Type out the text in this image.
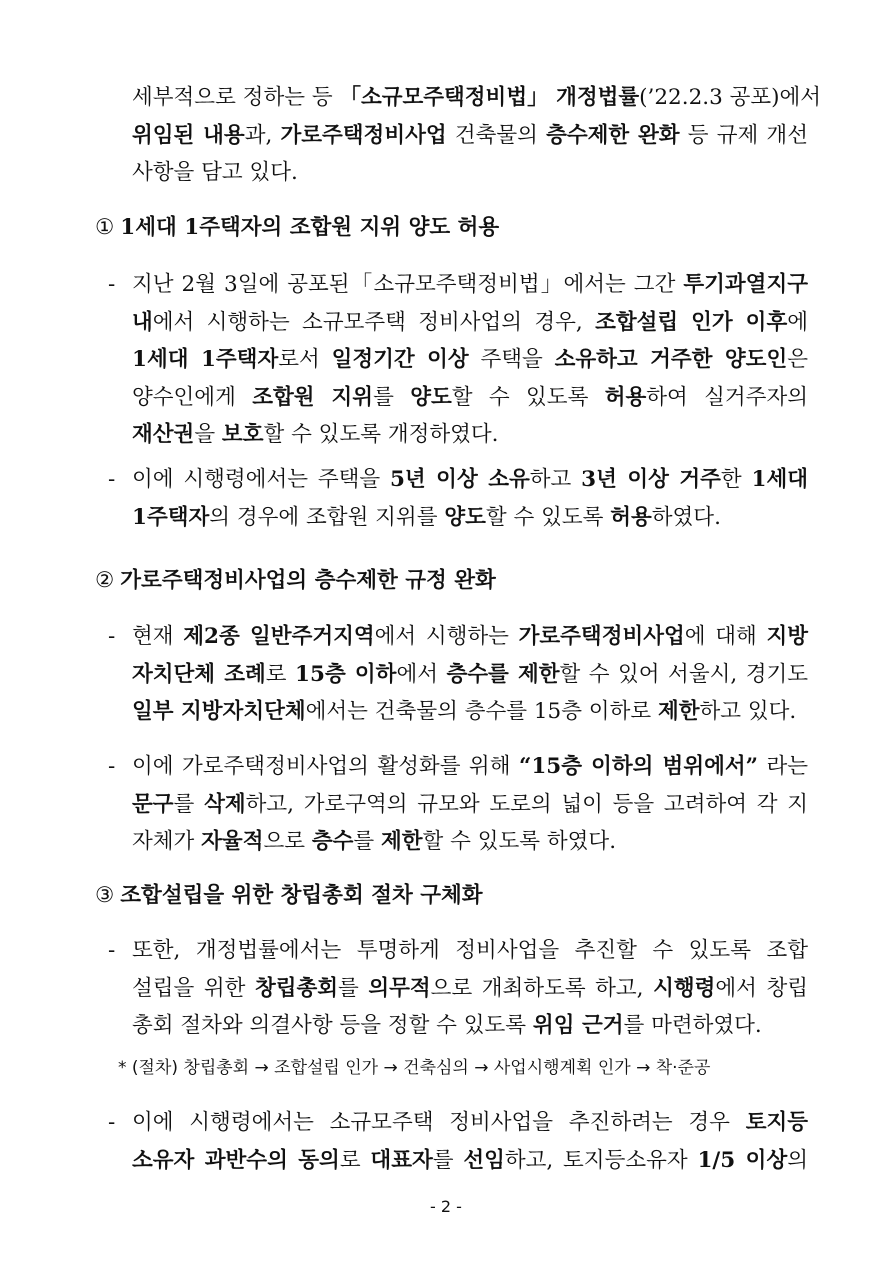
세부적으로 정하는 등 「소규모주택정비법」 개정법률(’22.2.3 공포)에서
위임된 내용과, 가로주택정비사업 건축물의 층수제한 완화 등 규제 개선
사항을 담고 있다.
① 1세대 1주택자의 조합원 지위 양도 허용
- 지난 2월 3일에 공포된「소규모주택정비법」에서는 그간 투기과열지구
내에서 시행하는 소규모주택 정비사업의 경우, 조합설립 인가 이후에
1세대 1주택자로서 일정기간 이상 주택을 소유하고 거주한 양도인은
양수인에게 조합원 지위를 양도할 수 있도록 허용하여 실거주자의
재산권을 보호할 수 있도록 개정하였다.
- 이에 시행령에서는 주택을 5년 이상 소유하고 3년 이상 거주한 1세대
1주택자의 경우에 조합원 지위를 양도할 수 있도록 허용하였다.
② 가로주택정비사업의 층수제한 규정 완화
- 현재 제2종 일반주거지역에서 시행하는 가로주택정비사업에 대해 지방
자치단체 조례로 15층 이하에서 층수를 제한할 수 있어 서울시, 경기도
일부 지방자치단체에서는 건축물의 층수를 15층 이하로 제한하고 있다.
- 이에 가로주택정비사업의 활성화를 위해 “15층 이하의 범위에서” 라는
문구를 삭제하고, 가로구역의 규모와 도로의 넓이 등을 고려하여 각 지
자체가 자율적으로 층수를 제한할 수 있도록 하였다.
③ 조합설립을 위한 창립총회 절차 구체화
- 또한, 개정법률에서는 투명하게 정비사업을 추진할 수 있도록 조합
설립을 위한 창립총회를 의무적으로 개최하도록 하고, 시행령에서 창립
총회 절차와 의결사항 등을 정할 수 있도록 위임 근거를 마련하였다.
* (절차) 창립총회 → 조합설립 인가 → 건축심의 → 사업시행계획 인가 → 착·준공
- 이에 시행령에서는 소규모주택 정비사업을 추진하려는 경우 토지등
소유자 과반수의 동의로 대표자를 선임하고, 토지등소유자 1/5 이상의
- 2 -
